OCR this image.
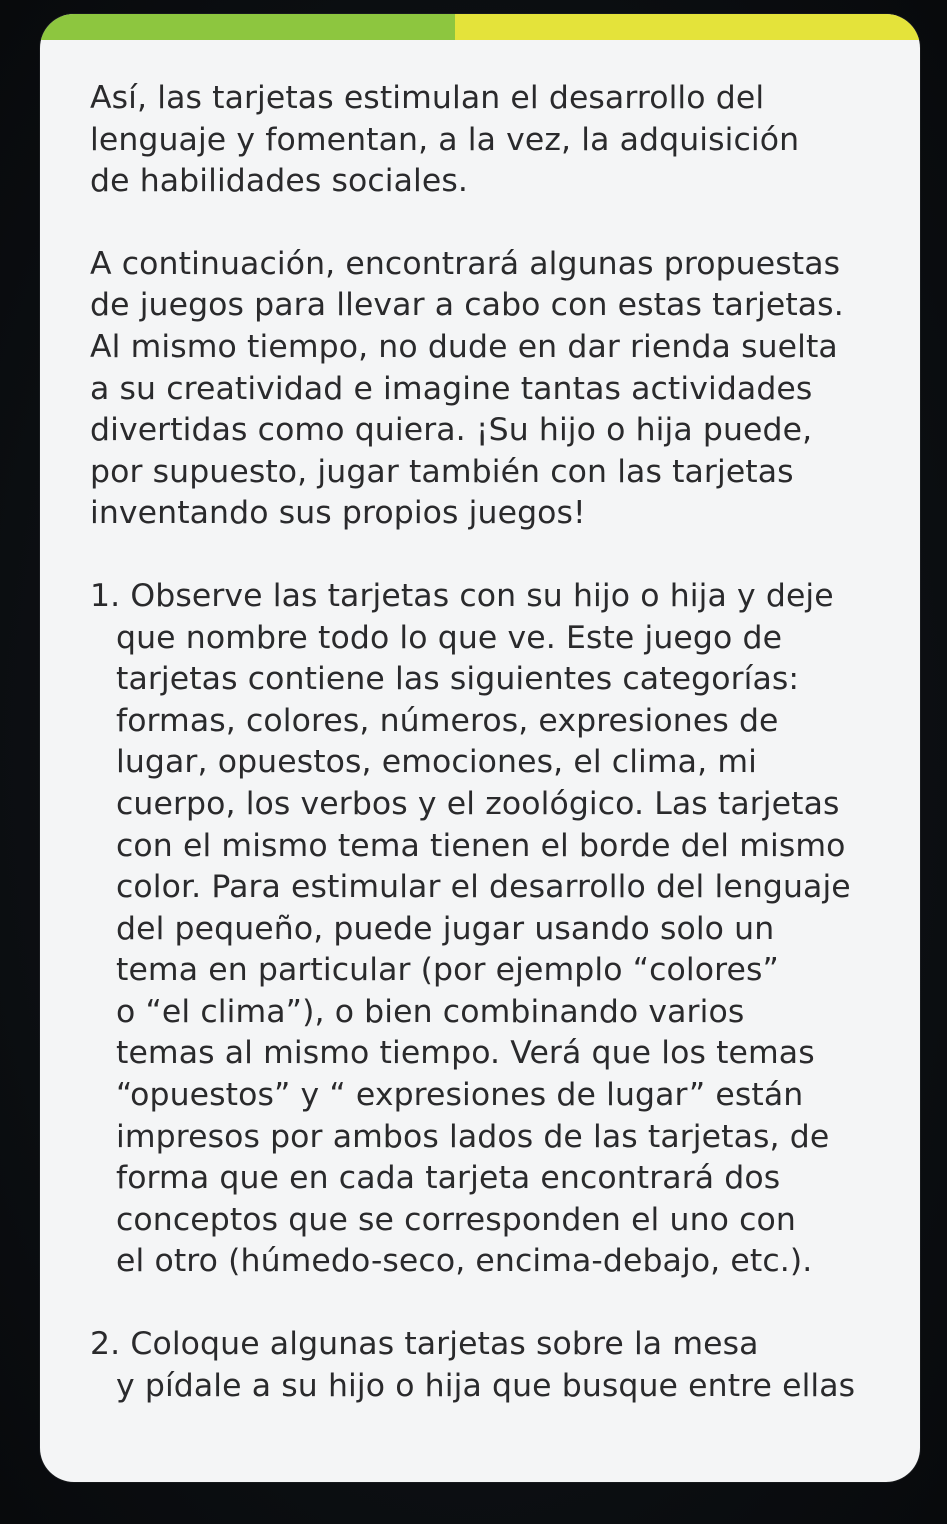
Así, las tarjetas estimulan el desarrollo del
lenguaje y fomentan, a la vez, la adquisición
de habilidades sociales.
A continuación, encontrará algunas propuestas
de juegos para llevar a cabo con estas tarjetas.
Al mismo tiempo, no dude en dar rienda suelta
a su creatividad e imagine tantas actividades
divertidas como quiera. ¡Su hijo o hija puede,
por supuesto, jugar también con las tarjetas
inventando sus propios juegos!
1. Observe las tarjetas con su hijo o hija y deje
que nombre todo lo que ve. Este juego de
tarjetas contiene las siguientes categorías:
formas, colores, números, expresiones de
lugar, opuestos, emociones, el clima, mi
cuerpo, los verbos y el zoológico. Las tarjetas
con el mismo tema tienen el borde del mismo
color. Para estimular el desarrollo del lenguaje
del pequeño, puede jugar usando solo un
tema en particular (por ejemplo “colores”
o “el clima”), o bien combinando varios
temas al mismo tiempo. Verá que los temas
“opuestos” y “ expresiones de lugar” están
impresos por ambos lados de las tarjetas, de
forma que en cada tarjeta encontrará dos
conceptos que se corresponden el uno con
el otro (húmedo-seco, encima-debajo, etc.).
2. Coloque algunas tarjetas sobre la mesa
y pídale a su hijo o hija que busque entre ellas
